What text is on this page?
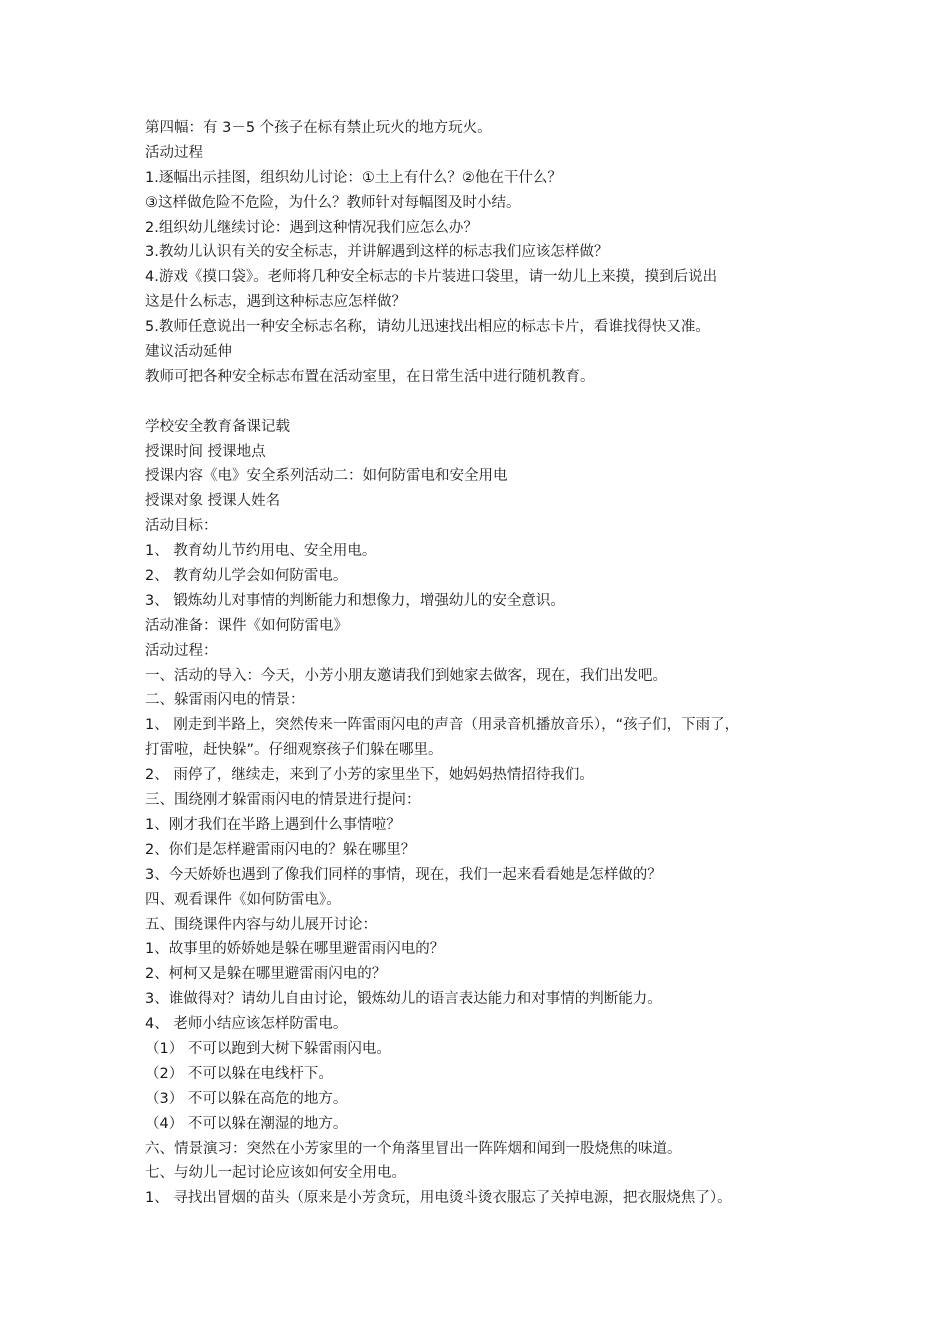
第四幅：有 3－5 个孩子在标有禁止玩火的地方玩火。
活动过程
1.逐幅出示挂图，组织幼儿讨论：①土上有什么？②他在干什么？
③这样做危险不危险，为什么？教师针对每幅图及时小结。
2.组织幼儿继续讨论：遇到这种情况我们应怎么办？
3.教幼儿认识有关的安全标志，并讲解遇到这样的标志我们应该怎样做？
4.游戏《摸口袋》。老师将几种安全标志的卡片装进口袋里，请一幼儿上来摸，摸到后说出
这是什么标志，遇到这种标志应怎样做？
5.教师任意说出一种安全标志名称，请幼儿迅速找出相应的标志卡片，看谁找得快又准。
建议活动延伸
教师可把各种安全标志布置在活动室里，在日常生活中进行随机教育。
学校安全教育备课记载
授课时间 授课地点
授课内容《电》安全系列活动二：如何防雷电和安全用电
授课对象 授课人姓名
活动目标：
1、 教育幼儿节约用电、安全用电。
2、 教育幼儿学会如何防雷电。
3、 锻炼幼儿对事情的判断能力和想像力，增强幼儿的安全意识。
活动准备：课件《如何防雷电》
活动过程：
一、活动的导入：今天，小芳小朋友邀请我们到她家去做客，现在，我们出发吧。
二、躲雷雨闪电的情景：
1、 刚走到半路上，突然传来一阵雷雨闪电的声音（用录音机播放音乐），“孩子们，下雨了，
打雷啦，赶快躲”。仔细观察孩子们躲在哪里。
2、 雨停了，继续走，来到了小芳的家里坐下，她妈妈热情招待我们。
三、围绕刚才躲雷雨闪电的情景进行提问：
1、刚才我们在半路上遇到什么事情啦？
2、你们是怎样避雷雨闪电的？躲在哪里？
3、今天娇娇也遇到了像我们同样的事情，现在，我们一起来看看她是怎样做的？
四、观看课件《如何防雷电》。
五、围绕课件内容与幼儿展开讨论：
1、故事里的娇娇她是躲在哪里避雷雨闪电的？
2、柯柯又是躲在哪里避雷雨闪电的？
3、谁做得对？请幼儿自由讨论，锻炼幼儿的语言表达能力和对事情的判断能力。
4、 老师小结应该怎样防雷电。
（1） 不可以跑到大树下躲雷雨闪电。
（2） 不可以躲在电线杆下。
（3） 不可以躲在高危的地方。
（4） 不可以躲在潮湿的地方。
六、情景演习：突然在小芳家里的一个角落里冒出一阵阵烟和闻到一股烧焦的味道。
七、与幼儿一起讨论应该如何安全用电。
1、 寻找出冒烟的苗头（原来是小芳贪玩，用电烫斗烫衣服忘了关掉电源，把衣服烧焦了）。
